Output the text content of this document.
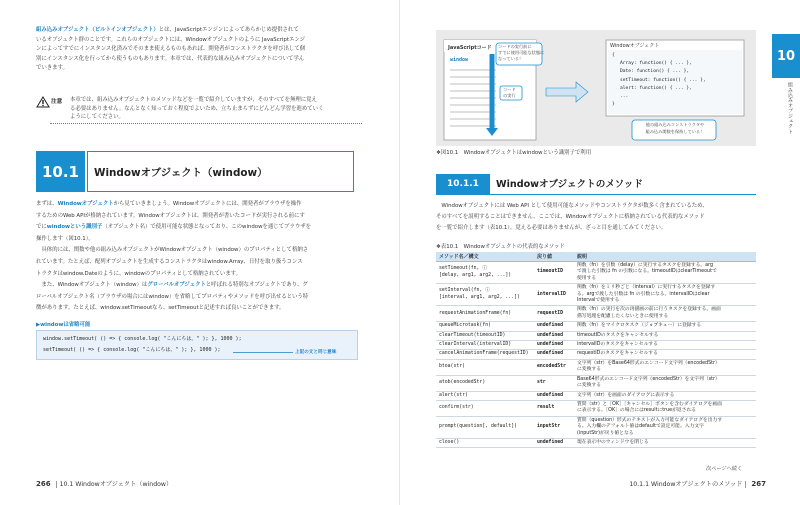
組み込みオブジェクト（ビルトインオブジェクト）とは、JavaScriptエンジンによってあらかじめ提供されて
いるオブジェクト群のことです。これらのオブジェクトには、Windowオブジェクトのように JavaScriptエンジ
ンによってすでにインスタンス化済みでそのまま使えるものもあれば、開発者がコンストラクタを呼び出して個
別にインスタンス化を行ってから使うものもあります。本章では、代表的な組み込みオブジェクトについて学ん
でいきます。
注意 本章では、組み込みオブジェクトのメソッドなどを一覧で紹介していますが、そのすべてを無理に覚え
る必要はありません。なんとなく知っておく程度でよいため、立ち止まらずにどんどん学習を進めていく
ようにしてください。
10.1	Windowオブジェクト（window）
まずは、Windowオブジェクトから見ていきましょう。Windowオブジェクトには、開発者がブラウザを操作
するためのWeb APIが格納されています。Windowオブジェクトは、開発者が書いたコードが実行される前にす
でにwindowという識別子（オブジェクト名）で使用可能な状態となっており、このwindowを通じてブラウザを
操作します（図10.1）。
　具体的には、関数や他の組み込みオブジェクトがWindowオブジェクト（window）のプロパティとして格納さ
れています。たとえば、配列オブジェクトを生成するコンストラクタはwindow.Array、日付を取り扱うコンス
トラクタはwindow.Dateのように、windowのプロパティとして格納されています。
　また、Windowオブジェクト（window）はグローバルオブジェクトと呼ばれる特別なオブジェクトであり、グ
ローバルオブジェクト名（ブラウザの場合にはwindow）を省略してプロパティやメソッドを呼び出せるという特
徴があります。たとえば、window.setTimeoutなら、setTimeoutと記述すれば良いことができます。
▶windowは省略可能
window.setTimeout( () => { console.log( "こんにちは。" ); }, 1000 );
setTimeout( () => { console.log( "こんにちは。" ); }, 1000 );	上記の文と同じ意味
266 10.1 Windowオブジェクト（window）
JavaScriptコード
window
コードの実行前に
すでに使用可能な状態に
なっている！
コード
の実行
Windowオブジェクト
{
Array: function() { ... },
Date: function() { ... },
setTimeout: function() { ... },
alert: function() { ... },
...
}
他の組み込みコンストラクタや
組み込み関数を保持している！
❖図10.1　Windowオブジェクトはwindowという識別子で利用
10
組み込みオブジェクト
10.1.1	Windowオブジェクトのメソッド
　Windowオブジェクトには Web API として使用可能なメソッドやコンストラクタが数多く含まれているため、
そのすべてを説明することはできません。ここでは、Windowオブジェクトに格納されている代表的なメソッド
を一覧で紹介します（表10.1）。覚える必要はありませんが、ざっと目を通してみてください。
❖表10.1　Windowオブジェクトの代表的なメソッド
メソッド名／構文	戻り値	説明
setTimeout(fn, ⓘ
[delay, arg1, arg2, ...])	timeoutID	関数（fn）を引数（delay）に実行するタスクを登録する。arg
で渡した引数は fn の引数になる。timeoutIDはclearTimeoutで
使用する
setInterval(fn, ⓘ
[interval, arg1, arg2, ...])	intervalID	関数（fn）をミリ秒ごと（interval）に実行するタスクを登録す
る。argで渡した引数は fn の引数になる。intervalIDはclear
Intervalで使用する
requestAnimationFrame(fn)	requestID	関数（fn）の実行を次の再描画の前に行うタスクを登録する。画面
描写処理を配慮したくないときに使用する
queueMicrotask(fn)	undefined	関数（fn）をマイクロタスク（ジョブキュー）に登録する
clearTimeout(timeoutID)	undefined	timeoutIDのタスクをキャンセルする
clearInterval(intervalID)	undefined	intervalIDのタスクをキャンセルする
cancelAnimationFrame(requestID)	undefined	requestIDのタスクをキャンセルする
btoa(str)	encodedStr	文字列（str）をBase64形式のエンコード文字列（encodedStr）
に変換する
atob(encodedStr)	str	Base64形式のエンコード文字列（encodedStr）を文字列（str）
に変換する
alert(str)	undefined	文字列（str）を画面のダイアログに表示する
confirm(str)	result	質問（str）と［OK］［キャンセル］ボタンを含むダイアログを画面
に表示する。［OK］の場合にはresultにtrueが返される
prompt(question[, default])	inputStr	質問（question）形式のテキストが入力可能なダイアログを出力す
る。入力欄のデフォルト値はdefaultで設定可能。入力文字
(inputStr)が戻り値となる
close()	undefined	現在表示中のウィンドウを閉じる
次ページへ続く
10.1.1 Windowオブジェクトのメソッド 267
